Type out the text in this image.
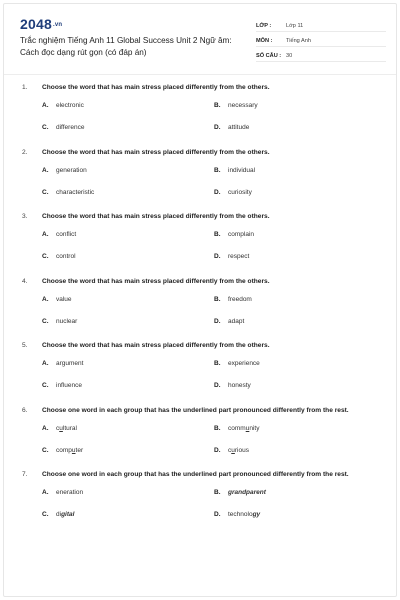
2048.vn
Trắc nghiệm Tiếng Anh 11 Global Success Unit 2 Ngữ âm: Cách đọc dạng rút gọn (có đáp án)
LỚP :	Lớp 11
MÔN :	Tiếng Anh
SỐ CÂU : 30
1.	Choose the word that has main stress placed differently from the others.
A.	electronic	B.	necessary
C.	difference	D.	attitude
2.	Choose the word that has main stress placed differently from the others.
A.	generation	B.	individual
C.	characteristic	D.	curiosity
3.	Choose the word that has main stress placed differently from the others.
A.	conflict	B.	complain
C.	control	D.	respect
4.	Choose the word that has main stress placed differently from the others.
A.	value	B.	freedom
C.	nuclear	D.	adapt
5.	Choose the word that has main stress placed differently from the others.
A.	argument	B.	experience
C.	influence	D.	honesty
6.	Choose one word in each group that has the underlined part pronounced differently from the rest.
A.	cultural	B.	community
C.	computer	D.	curious
7.	Choose one word in each group that has the underlined part pronounced differently from the rest.
A.	eneration	B.	grandparent
C.	digital	D.	technology
